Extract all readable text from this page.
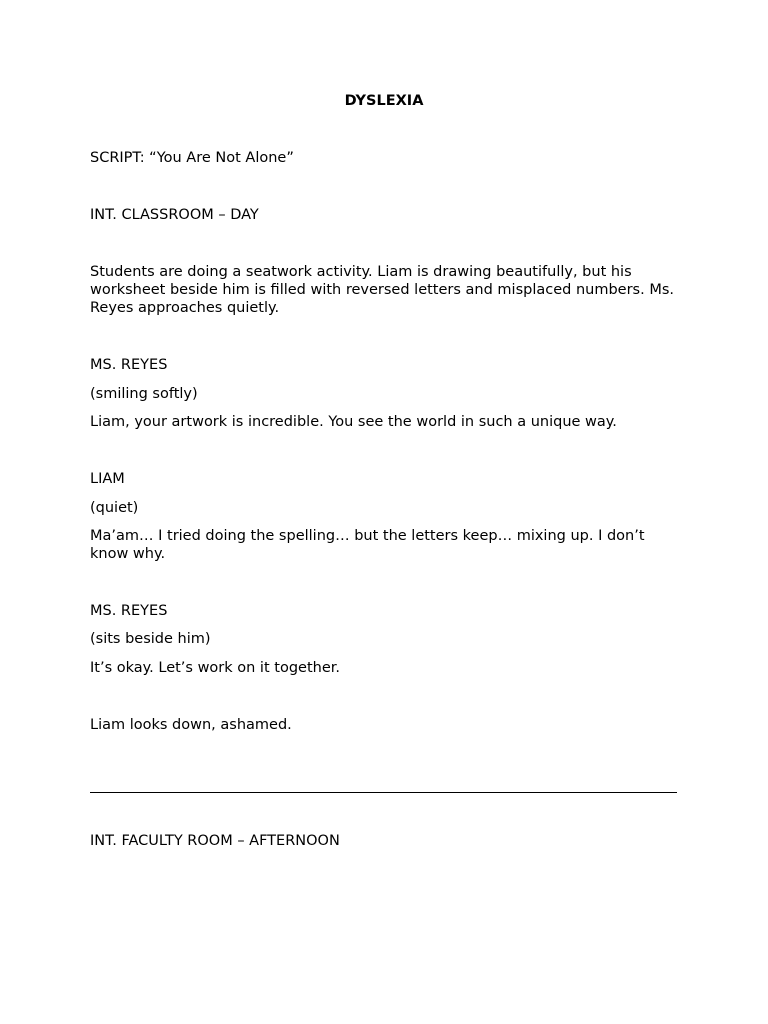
DYSLEXIA

SCRIPT: “You Are Not Alone”

INT. CLASSROOM – DAY

Students are doing a seatwork activity. Liam is drawing beautifully, but his worksheet beside him is filled with reversed letters and misplaced numbers. Ms. Reyes approaches quietly.

MS. REYES

(smiling softly)

Liam, your artwork is incredible. You see the world in such a unique way.

LIAM

(quiet)

Ma’am… I tried doing the spelling… but the letters keep… mixing up. I don’t know why.

MS. REYES

(sits beside him)

It’s okay. Let’s work on it together.

Liam looks down, ashamed.

INT. FACULTY ROOM – AFTERNOON
